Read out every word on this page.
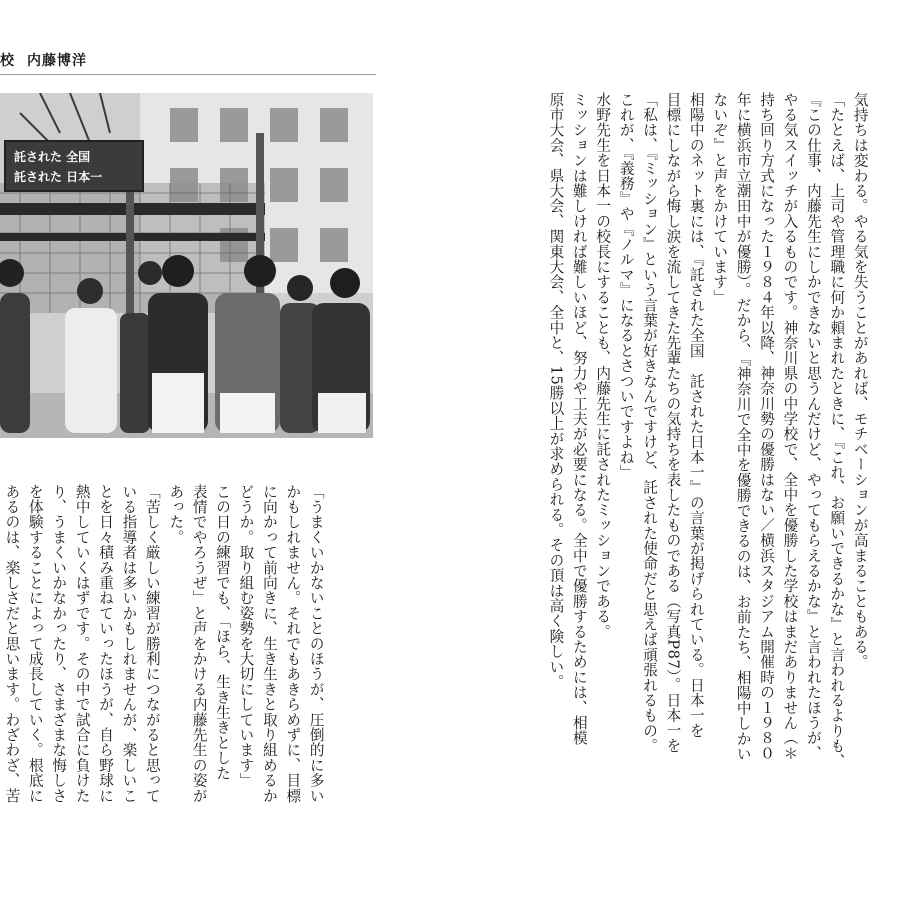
校 内藤博洋
託された 全国
託された 日本一	気持ちは変わる。やる気を失うことがあれば、モチベーションが高まることもある。
「たとえば、上司や管理職に何か頼まれたときに、『これ、お願いできるかな』と言われるよりも、
『この仕事、内藤先生にしかできないと思うんだけど、やってもらえるかな』と言われたほうが、
やる気スイッチが入るものです。神奈川県の中学校で、全中を優勝した学校はまだありません（＊
持ち回り方式になった１９８４年以降、神奈川勢の優勝はない／横浜スタジアム開催時の１９８０
年に横浜市立潮田中が優勝）。だから、『神奈川で全中を優勝できるのは、お前たち、相陽中しかい
ないぞ』と声をかけています」
相陽中のネット裏には、『託された全国　託された日本一』の言葉が掲げられている。日本一を
目標にしながら悔し涙を流してきた先輩たちの気持ちを表したものである（写真P87）。日本一を
「私は、『ミッション』という言葉が好きなんですけど、託された使命だと思えば頑張れるもの。
これが、『義務』や『ノルマ』になるとさついですよね」
水野先生を日本一の校長にすることも、内藤先生に託されたミッションである。
ミッションは難しければ難しいほど、努力や工夫が必要になる。全中で優勝するためには、相模
原市大会、県大会、関東大会、全中と、15勝以上が求められる。その頂は高く険しい。
「うまくいかないことのほうが、圧倒的に多い
かもしれません。それでもあきらめずに、目標
に向かって前向きに、生き生きと取り組めるか
どうか。取り組む姿勢を大切にしています」
この日の練習でも、「ほら、生き生きとした
表情でやろうぜ」と声をかける内藤先生の姿が
あった。
「苦しく厳しい練習が勝利につながると思って
いる指導者は多いかもしれませんが、楽しいこ
とを日々積み重ねていったほうが、自ら野球に
熱中していくはずです。その中で試合に負けた
り、うまくいかなかったり、さまざまな悔しさ
を体験することによって成長していく。根底に
あるのは、楽しさだと思います。わざわざ、苦
